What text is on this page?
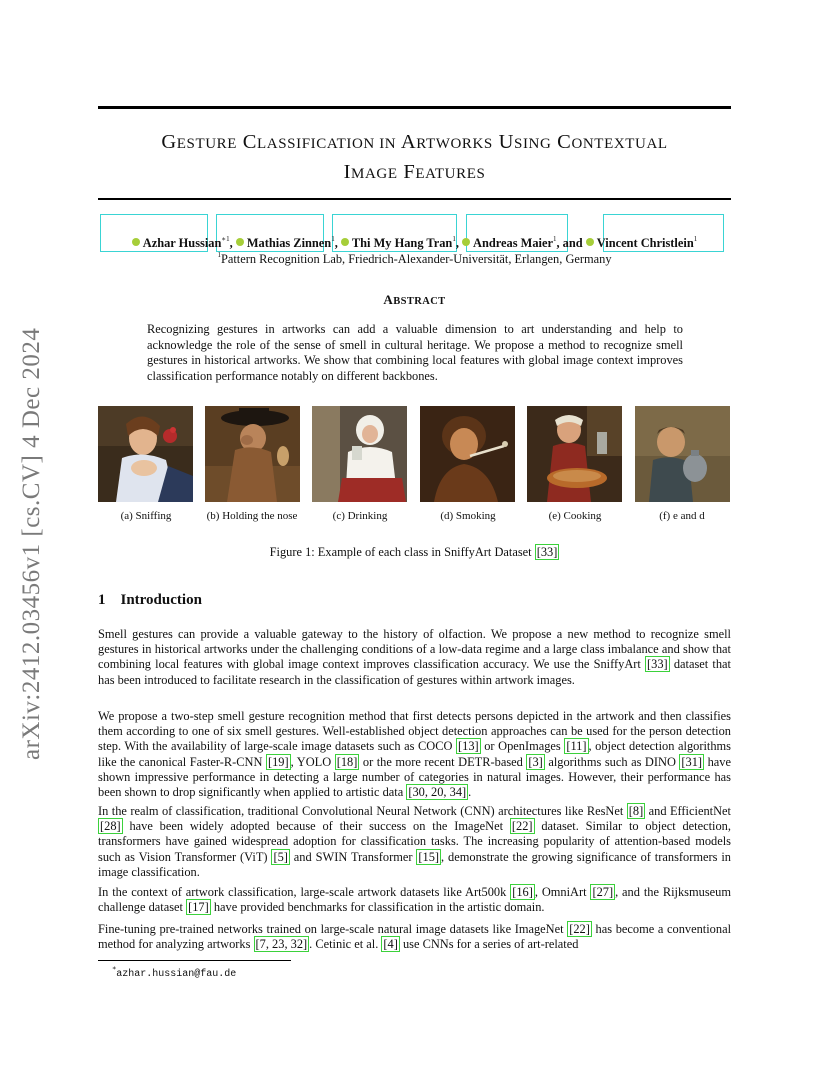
arXiv:2412.03456v1 [cs.CV] 4 Dec 2024
GESTURE CLASSIFICATION IN ARTWORKS USING CONTEXTUAL
IMAGE FEATURES
Azhar Hussian$^{∗1}$, Mathias Zinnen$^1$, Thi My Hang Tran$^1$, Andreas Maier$^1$, and Vincent Christlein$^1$
$^1$Pattern Recognition Lab, Friedrich-Alexander-Universität, Erlangen, Germany
ABSTRACT
Recognizing gestures in artworks can add a valuable dimension to art understanding and help to acknowledge the role of the sense of smell in cultural heritage. We propose a method to recognize smell gestures in historical artworks. We show that combining local features with global image context improves classification performance notably on different backbones.
(a) Sniffing	(b) Holding the nose	(c) Drinking	(d) Smoking	(e) Cooking	(f) e and d
Figure 1: Example of each class in SniffyArt Dataset [33]
1 Introduction
Smell gestures can provide a valuable gateway to the history of olfaction. We propose a new method to recognize smell gestures in historical artworks under the challenging conditions of a low-data regime and a large class imbalance and show that combining local features with global image context improves classification accuracy. We use the SniffyArt [33] dataset that has been introduced to facilitate research in the classification of gestures within artwork images.
We propose a two-step smell gesture recognition method that first detects persons depicted in the artwork and then classifies them according to one of six smell gestures. Well-established object detection approaches can be used for the person detection step. With the availability of large-scale image datasets such as COCO [13] or OpenImages [11] , object detection algorithms like the canonical Faster-R-CNN [19] , YOLO [18] or the more recent DETR-based [3] algorithms such as DINO [31] have shown impressive performance in detecting a large number of categories in natural images. However, their performance has been shown to drop significantly when applied to artistic data [30, 20, 34] .
In the realm of classification, traditional Convolutional Neural Network (CNN) architectures like ResNet [8] and EfficientNet [28] have been widely adopted because of their success on the ImageNet [22] dataset. Similar to object detection, transformers have gained widespread adoption for classification tasks. The increasing popularity of attention-based models such as Vision Transformer (ViT) [5] and SWIN Transformer [15] , demonstrate the growing significance of transformers in image classification.
In the context of artwork classification, large-scale artwork datasets like Art500k [16] , OmniArt [27] , and the Rijksmuseum challenge dataset [17] have provided benchmarks for classification in the artistic domain.
Fine-tuning pre-trained networks trained on large-scale natural image datasets like ImageNet [22] has become a conventional method for analyzing artworks [7, 23, 32] . Cetinic et al. [4] use CNNs for a series of art-related
∗azhar.hussian@fau.de
